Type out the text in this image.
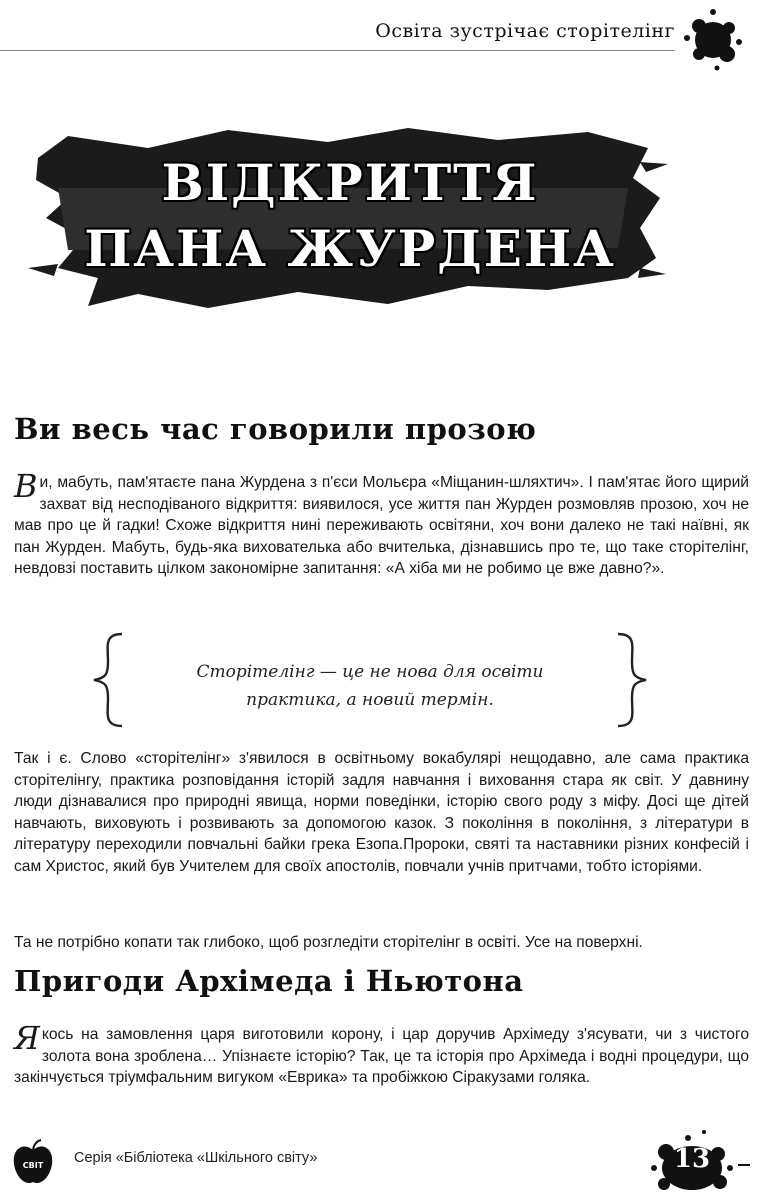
Освіта зустрічає сторітелінг
ВІДКРИТТЯ
ПАНА ЖУРДЕНА
Ви весь час говорили прозою

Ви, мабуть, пам'ятаєте пана Журдена з п'єси Мольєра «Міщанин-шляхтич». І пам'ятає його щирий захват від несподіваного відкриття: виявилося, усе життя пан Журден розмовляв прозою, хоч не мав про це й гадки! Схоже відкриття нині переживають освітяни, хоч вони далеко не такі наївні, як пан Журден. Мабуть, будь-яка вихователька або вчителька, дізнавшись про те, що таке сторітелінг, невдовзі поставить цілком закономірне запитання: «А хіба ми не робимо це вже давно?».

Сторітелінг — це не нова для освіти
практика, а новий термін.

Так і є. Слово «сторітелінг» з'явилося в освітньому вокабулярі нещодавно, але сама практика сторітелінгу, практика розповідання історій задля навчання і виховання стара як світ. У давнину люди дізнавалися про природні явища, норми поведінки, історію свого роду з міфу. Досі ще дітей навчають, виховують і розвивають за допомогою казок. З покоління в покоління, з літератури в літературу переходили повчальні байки грека Езопа.Пророки, святі та наставники різних конфесій і сам Христос, який був Учителем для своїх апостолів, повчали учнів притчами, тобто історіями.

Та не потрібно копати так глибоко, щоб розгледіти сторітелінг в освіті. Усе на поверхні.

Пригоди Архімеда і Ньютона

Якось на замовлення царя виготовили корону, і цар доручив Архімеду з'ясувати, чи з чистого золота вона зроблена… Упізнаєте історію? Так, це та історія про Архімеда і водні процедури, що закінчується тріумфальним вигуком «Еврика» та пробіжкою Сіракузами голяка.

СВІТ Серія «Бібліотека «Шкільного світу»	13
